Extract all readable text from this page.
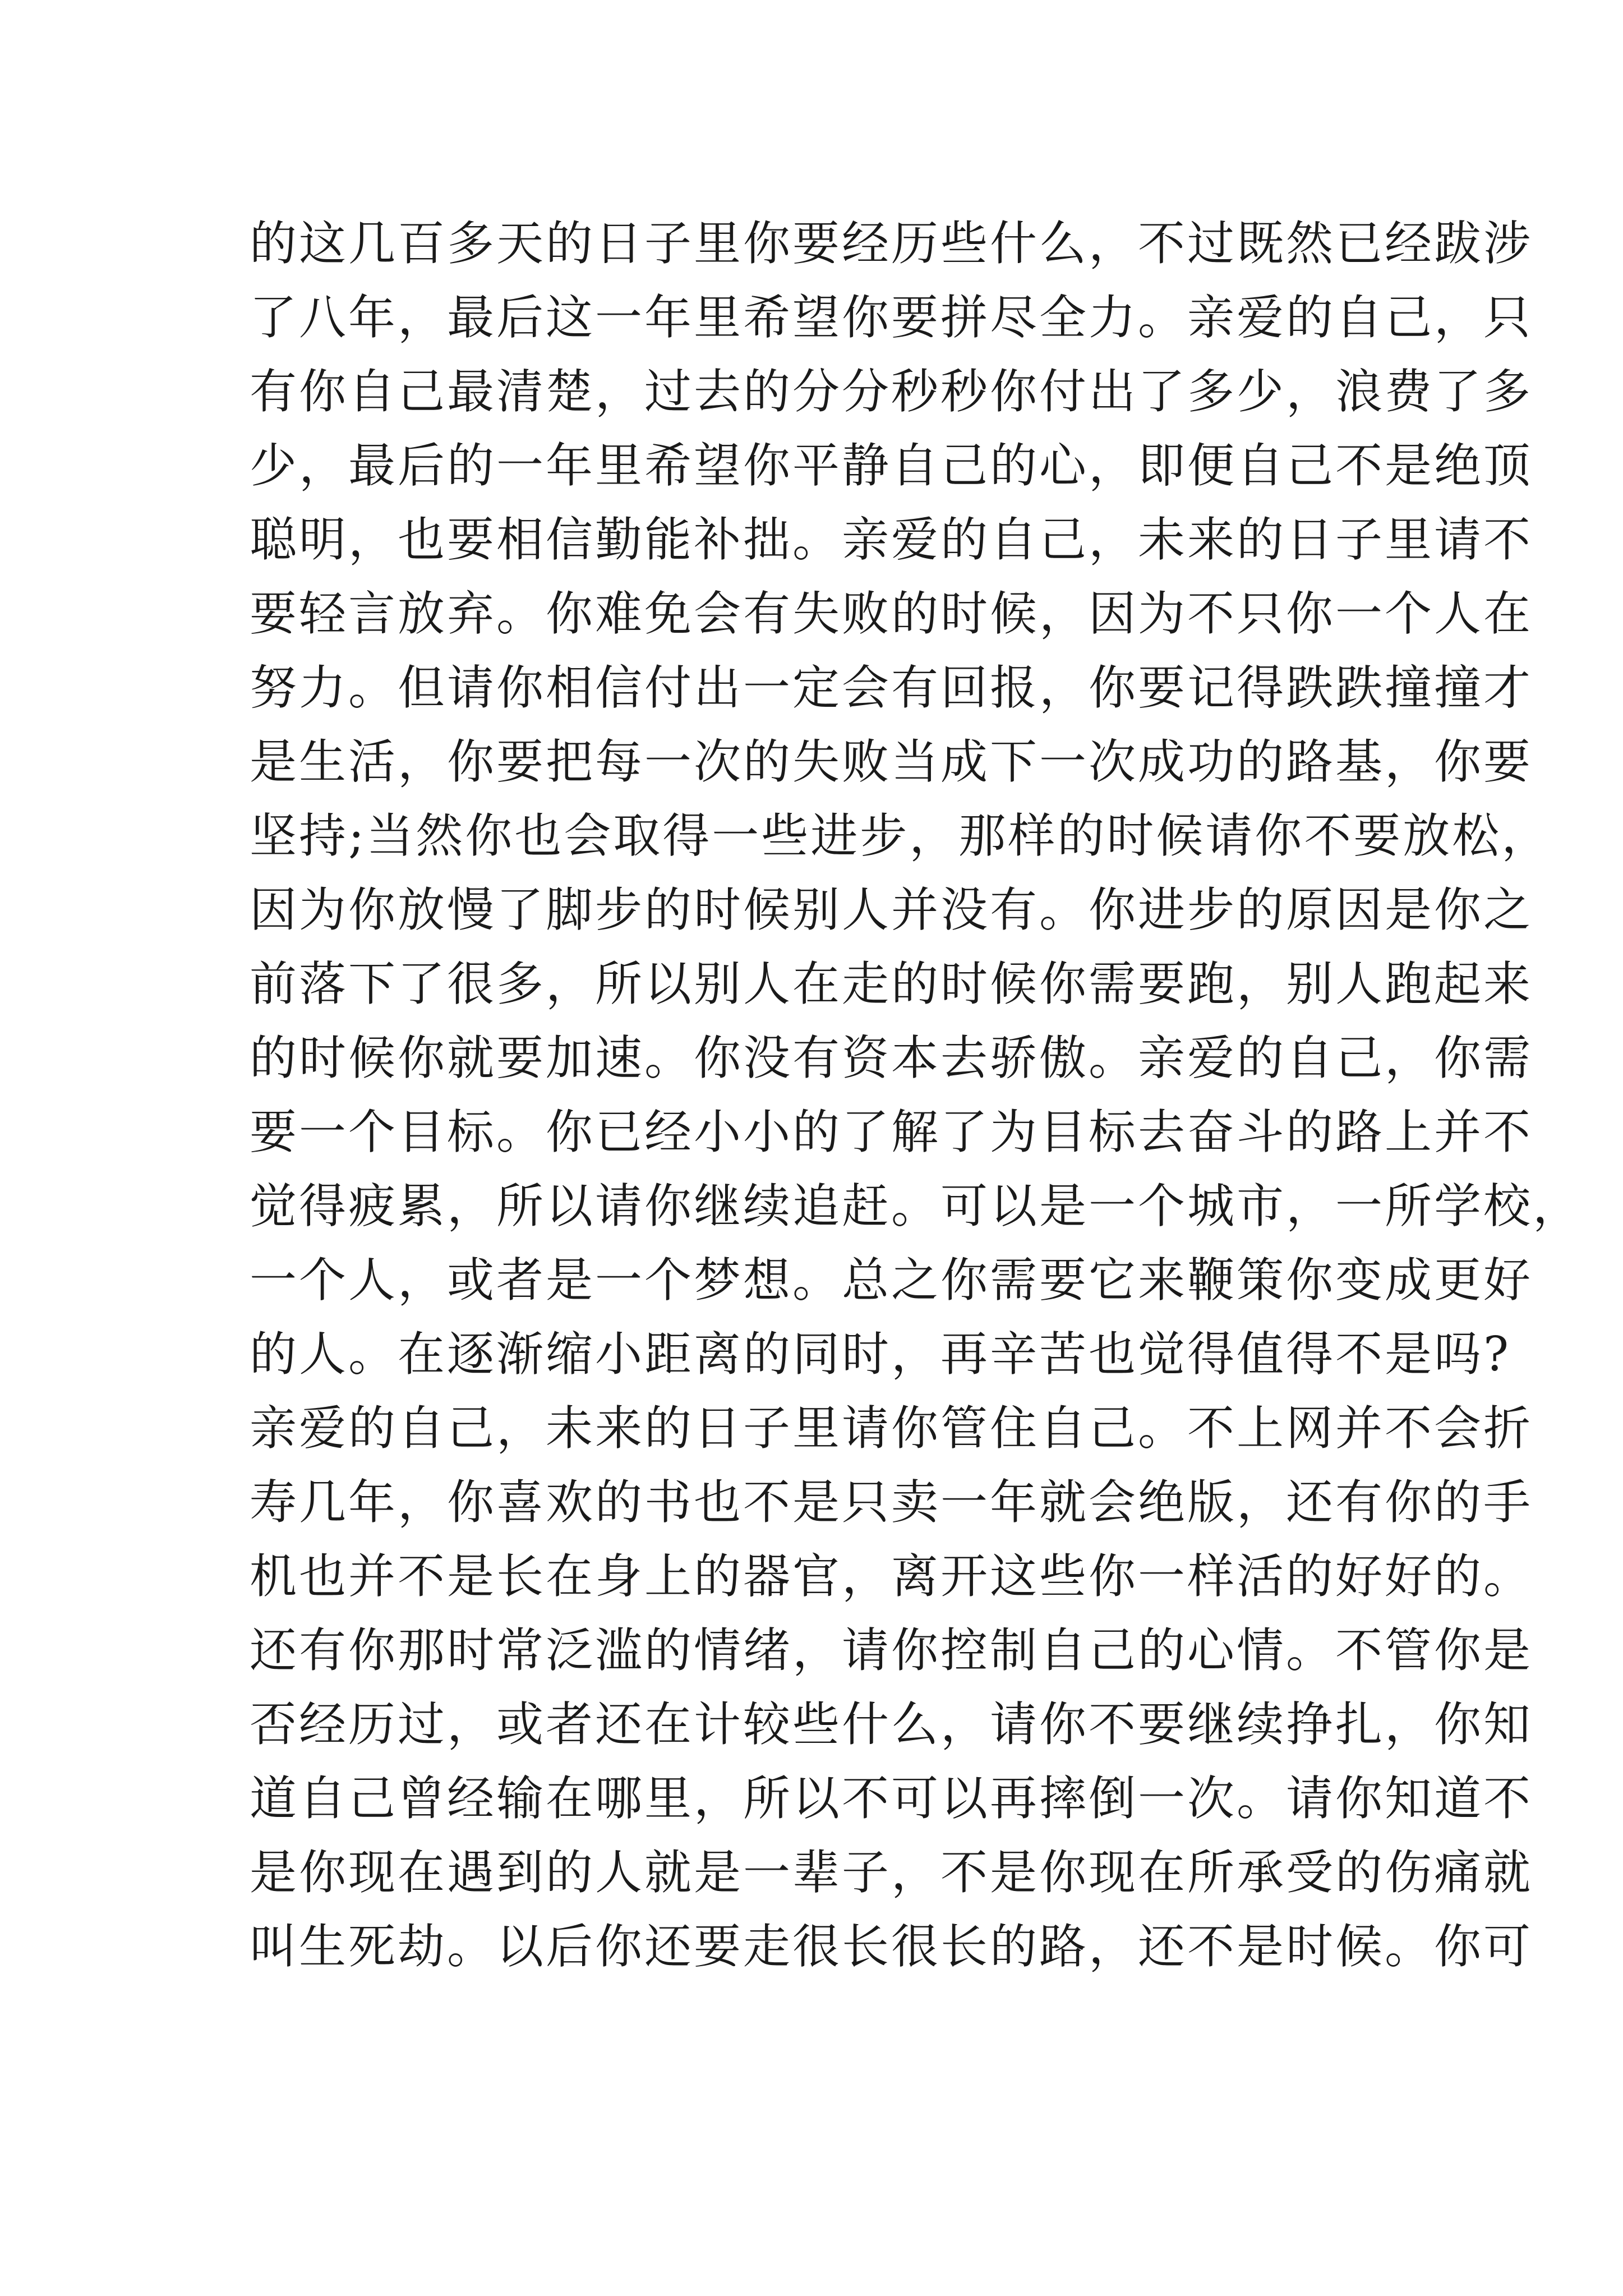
的这几百多天的日子里你要经历些什么，不过既然已经跋涉
了八年，最后这一年里希望你要拼尽全力。亲爱的自己，只
有你自己最清楚，过去的分分秒秒你付出了多少，浪费了多
少，最后的一年里希望你平静自己的心，即便自己不是绝顶
聪明，也要相信勤能补拙。亲爱的自己，未来的日子里请不
要轻言放弃。你难免会有失败的时候，因为不只你一个人在
努力。但请你相信付出一定会有回报，你要记得跌跌撞撞才
是生活，你要把每一次的失败当成下一次成功的路基，你要
坚持;当然你也会取得一些进步，那样的时候请你不要放松，
因为你放慢了脚步的时候别人并没有。你进步的原因是你之
前落下了很多，所以别人在走的时候你需要跑，别人跑起来
的时候你就要加速。你没有资本去骄傲。亲爱的自己，你需
要一个目标。你已经小小的了解了为目标去奋斗的路上并不
觉得疲累，所以请你继续追赶。可以是一个城市，一所学校，
一个人，或者是一个梦想。总之你需要它来鞭策你变成更好
的人。在逐渐缩小距离的同时，再辛苦也觉得值得不是吗?
亲爱的自己，未来的日子里请你管住自己。不上网并不会折
寿几年，你喜欢的书也不是只卖一年就会绝版，还有你的手
机也并不是长在身上的器官，离开这些你一样活的好好的。
还有你那时常泛滥的情绪，请你控制自己的心情。不管你是
否经历过，或者还在计较些什么，请你不要继续挣扎，你知
道自己曾经输在哪里，所以不可以再摔倒一次。请你知道不
是你现在遇到的人就是一辈子，不是你现在所承受的伤痛就
叫生死劫。以后你还要走很长很长的路，还不是时候。你可
